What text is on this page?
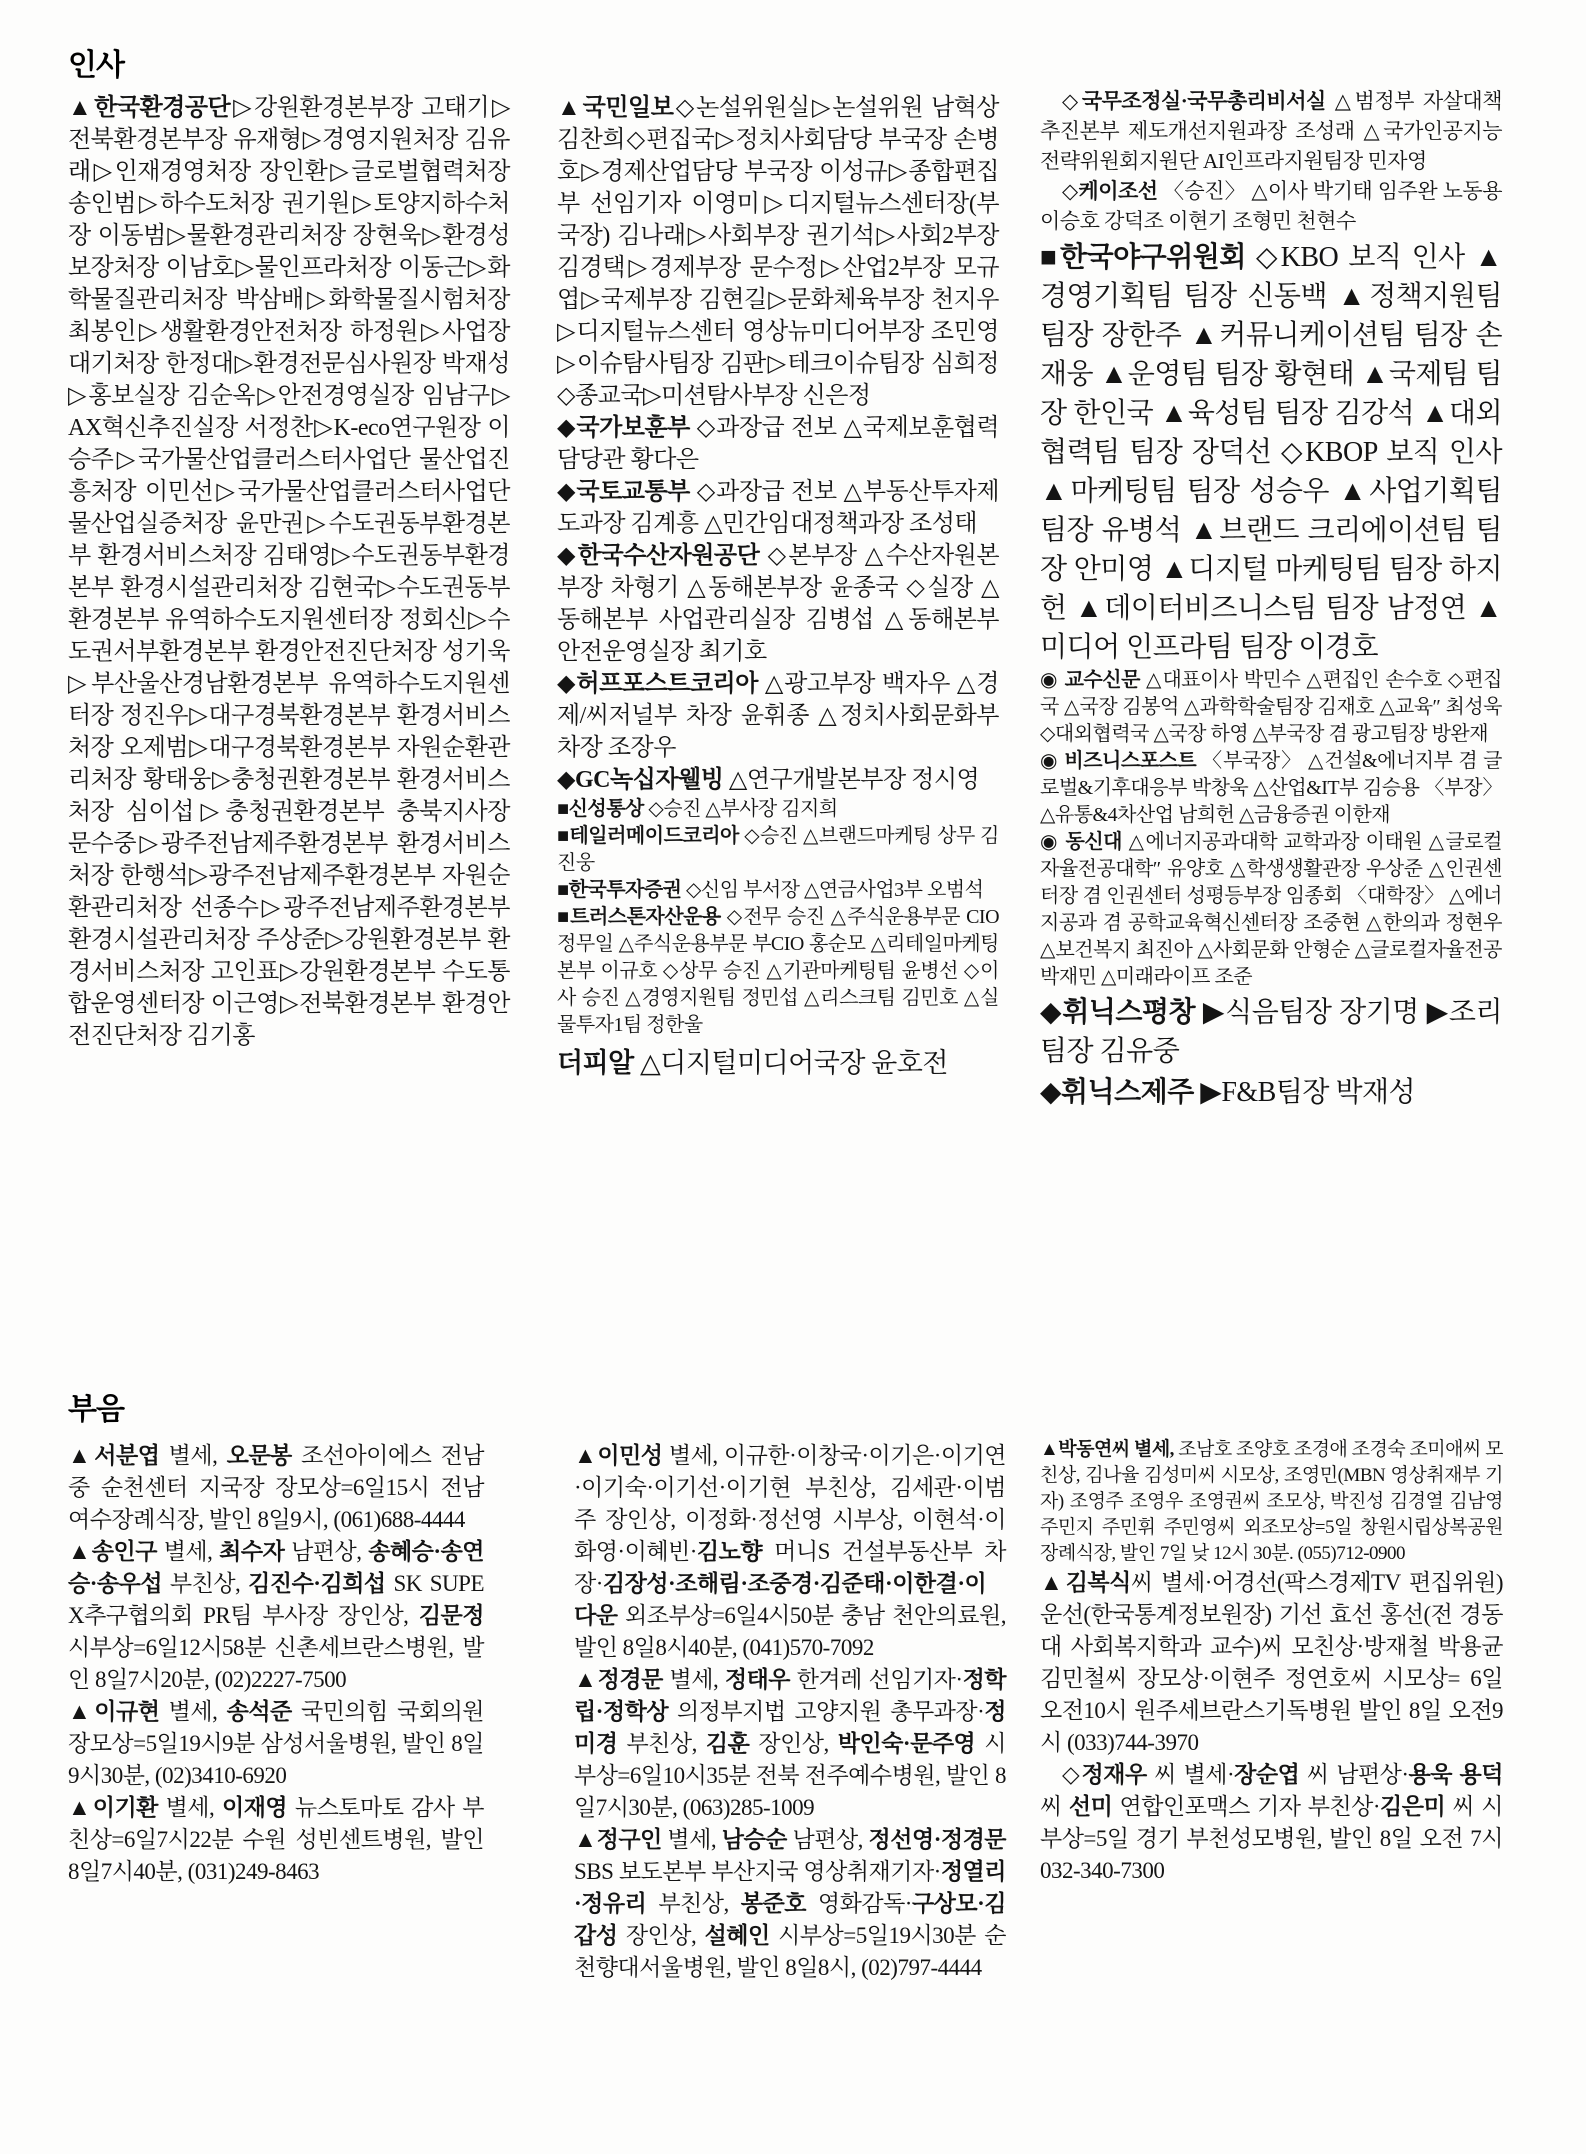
인사

▲한국환경공단▷강원환경본부장 고태기▷전북환경본부장 유재형▷경영지원처장 김유래▷인재경영처장 장인환▷글로벌협력처장 송인범▷하수도처장 권기원▷토양지하수처장 이동범▷물환경관리처장 장현욱▷환경성보장처장 이남호▷물인프라처장 이동근▷화학물질관리처장 박삼배▷화학물질시험처장 최봉인▷생활환경안전처장 하정원▷사업장대기처장 한정대▷환경전문심사원장 박재성▷홍보실장 김순옥▷안전경영실장 임남구▷AX혁신추진실장 서정찬▷K-eco연구원장 이승주▷국가물산업클러스터사업단 물산업진흥처장 이민선▷국가물산업클러스터사업단 물산업실증처장 윤만권▷수도권동부환경본부 환경서비스처장 김태영▷수도권동부환경본부 환경시설관리처장 김현국▷수도권동부환경본부 유역하수도지원센터장 정회신▷수도권서부환경본부 환경안전진단처장 성기욱▷부산울산경남환경본부 유역하수도지원센터장 정진우▷대구경북환경본부 환경서비스처장 오제범▷대구경북환경본부 자원순환관리처장 황태웅▷충청권환경본부 환경서비스처장 심이섭▷충청권환경본부 충북지사장 문수중▷광주전남제주환경본부 환경서비스처장 한행석▷광주전남제주환경본부 자원순환관리처장 선종수▷광주전남제주환경본부 환경시설관리처장 주상준▷강원환경본부 환경서비스처장 고인표▷강원환경본부 수도통합운영센터장 이근영▷전북환경본부 환경안전진단처장 김기홍

▲국민일보◇논설위원실▷논설위원 남혁상 김찬희◇편집국▷정치사회담당 부국장 손병호▷경제산업담당 부국장 이성규▷종합편집부 선임기자 이영미▷디지털뉴스센터장(부국장) 김나래▷사회부장 권기석▷사회2부장 김경택▷경제부장 문수정▷산업2부장 모규엽▷국제부장 김현길▷문화체육부장 천지우▷디지털뉴스센터 영상뉴미디어부장 조민영▷이슈탐사팀장 김판▷테크이슈팀장 심희정◇종교국▷미션탐사부장 신은정

◆국가보훈부 ◇과장급 전보 △국제보훈협력담당관 황다은

◆국토교통부 ◇과장급 전보 △부동산투자제도과장 김계흥 △민간임대정책과장 조성태

◆한국수산자원공단 ◇본부장 △수산자원본부장 차형기 △동해본부장 윤종국 ◇실장 △동해본부 사업관리실장 김병섭 △동해본부 안전운영실장 최기호

◆허프포스트코리아 △광고부장 백자우 △경제/씨저널부 차장 윤휘종 △정치사회문화부 차장 조장우

◆GC녹십자웰빙 △연구개발본부장 정시영

■신성통상 ◇승진 △부사장 김지희

■테일러메이드코리아 ◇승진 △브랜드마케팅 상무 김진웅

■한국투자증권 ◇신임 부서장 △연금사업3부 오범석

■트러스톤자산운용 ◇전무 승진 △주식운용부문 CIO 정무일 △주식운용부문 부CIO 홍순모 △리테일마케팅본부 이규호 ◇상무 승진 △기관마케팅팀 윤병선 ◇이사 승진 △경영지원팀 정민섭 △리스크팀 김민호 △실물투자1팀 정한울

더피알 △디지털미디어국장 윤호전

◇국무조정실·국무총리비서실 △범정부 자살대책추진본부 제도개선지원과장 조성래 △국가인공지능전략위원회지원단 AI인프라지원팀장 민자영

◇케이조선 〈승진〉 △이사 박기태 임주완 노동용 이승호 강덕조 이현기 조형민 천현수

■한국야구위원회 ◇KBO 보직 인사 ▲경영기획팀 팀장 신동백 ▲정책지원팀 팀장 장한주 ▲커뮤니케이션팀 팀장 손재웅 ▲운영팀 팀장 황현태 ▲국제팀 팀장 한인국 ▲육성팀 팀장 김강석 ▲대외협력팀 팀장 장덕선 ◇KBOP 보직 인사 ▲마케팅팀 팀장 성승우 ▲사업기획팀 팀장 유병석 ▲브랜드 크리에이션팀 팀장 안미영 ▲디지털 마케팅팀 팀장 하지헌 ▲데이터비즈니스팀 팀장 남정연 ▲미디어 인프라팀 팀장 이경호

◉ 교수신문 △대표이사 박민수 △편집인 손수호 ◇편집국 △국장 김봉억 △과학학술팀장 김재호 △교육″ 최성욱 ◇대외협력국 △국장 하영 △부국장 겸 광고팀장 방완재

◉ 비즈니스포스트 〈부국장〉 △건설&에너지부 겸 글로벌&기후대응부 박창욱 △산업&IT부 김승용 〈부장〉 △유통&4차산업 남희헌 △금융증권 이한재

◉ 동신대 △에너지공과대학 교학과장 이태원 △글로컬자율전공대학″ 유양호 △학생생활관장 우상준 △인권센터장 겸 인권센터 성평등부장 임종회 〈대학장〉 △에너지공과 겸 공학교육혁신센터장 조중현 △한의과 정현우 △보건복지 최진아 △사회문화 안형순 △글로컬자율전공 박재민 △미래라이프 조준

◆휘닉스평창 ▶식음팀장 장기명 ▶조리팀장 김유중

◆휘닉스제주 ▶F&B팀장 박재성

부음

▲서분엽 별세, 오문봉 조선아이에스 전남중 순천센터 지국장 장모상=6일15시 전남 여수장례식장, 발인 8일9시, (061)688-4444

▲송인구 별세, 최수자 남편상, 송혜승·송연승·송우섭 부친상, 김진수·김희섭 SK SUPEX추구협의회 PR팀 부사장 장인상, 김문정 시부상=6일12시58분 신촌세브란스병원, 발인 8일7시20분, (02)2227-7500

▲이규현 별세, 송석준 국민의힘 국회의원 장모상=5일19시9분 삼성서울병원, 발인 8일9시30분, (02)3410-6920

▲이기환 별세, 이재영 뉴스토마토 감사 부친상=6일7시22분 수원 성빈센트병원, 발인 8일7시40분, (031)249-8463

▲이민성 별세, 이규한·이창국·이기은·이기연·이기숙·이기선·이기현 부친상, 김세관·이범주 장인상, 이정화·정선영 시부상, 이현석·이화영·이혜빈·김노향 머니S 건설부동산부 차장·김장성·조해림·조중경·김준태·이한결·이다운 외조부상=6일4시50분 충남 천안의료원, 발인 8일8시40분, (041)570-7092

▲정경문 별세, 정태우 한겨레 선임기자·정학립·정학상 의정부지법 고양지원 총무과장·정미경 부친상, 김훈 장인상, 박인숙·문주영 시부상=6일10시35분 전북 전주예수병원, 발인 8일7시30분, (063)285-1009

▲정구인 별세, 남승순 남편상, 정선영·정경문 SBS 보도본부 부산지국 영상취재기자·정열리·정유리 부친상, 봉준호 영화감독·구상모·김갑성 장인상, 설혜인 시부상=5일19시30분 순천향대서울병원, 발인 8일8시, (02)797-4444

▲박동연씨 별세, 조남호 조양호 조경애 조경숙 조미애씨 모친상, 김나율 김성미씨 시모상, 조영민(MBN 영상취재부 기자) 조영주 조영우 조영권씨 조모상, 박진성 김경열 김남영 주민지 주민휘 주민영씨 외조모상=5일 창원시립상복공원장례식장, 발인 7일 낮 12시 30분. (055)712-0900

▲김복식씨 별세·어경선(팍스경제TV 편집위원) 운선(한국통계정보원장) 기선 효선 홍선(전 경동대 사회복지학과 교수)씨 모친상·방재철 박용균 김민철씨 장모상·이현주 정연호씨 시모상= 6일 오전10시 원주세브란스기독병원 발인 8일 오전9시 (033)744-3970

◇정재우 씨 별세·장순엽 씨 남편상·용욱 용덕 씨 선미 연합인포맥스 기자 부친상·김은미 씨 시부상=5일 경기 부천성모병원, 발인 8일 오전 7시 032-340-7300
